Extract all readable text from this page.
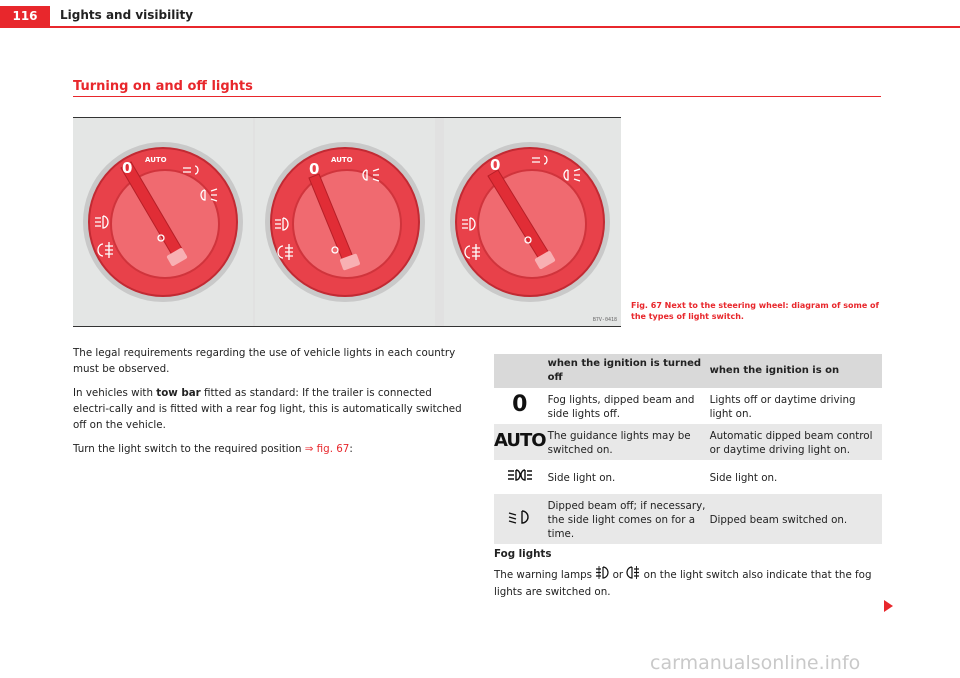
116	Lights and visibility
Turning on and off lights
0 AUTO	0 AUTO	0
B7V-0418
Fig. 67 Next to the steering wheel: diagram of some of the types of light switch.

The legal requirements regarding the use of vehicle lights in each country must be observed.

In vehicles with tow bar fitted as standard: If the trailer is connected electri-cally and is fitted with a rear fog light, this is automatically switched off on the vehicle.

Turn the light switch to the required position ⇒ fig. 67:

	when the ignition is turned off	when the ignition is on
0	Fog lights, dipped beam and side lights off.	Lights off or daytime driving light on.
AUTO	The guidance lights may be switched on.	Automatic dipped beam control or daytime driving light on.
	Side light on.	Side light on.
	Dipped beam off; if necessary, the side light comes on for a time.	Dipped beam switched on.
Fog lights
The warning lamps  or  on the light switch also indicate that the fog lights are switched on.
carmanualsonline.info
